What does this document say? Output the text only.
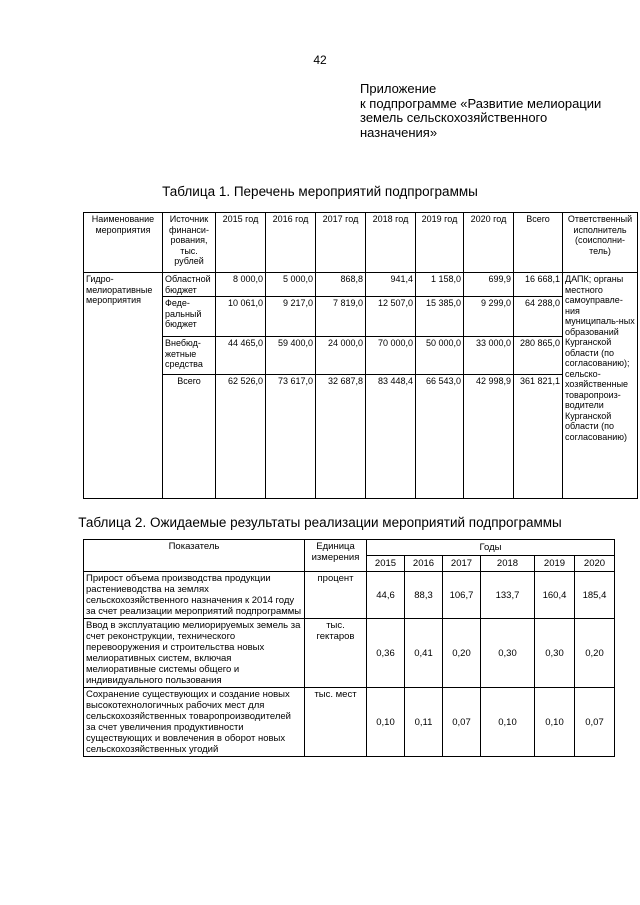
42
Приложение
к подпрограмме «Развитие мелиорации
земель сельскохозяйственного
назначения»
Таблица 1. Перечень мероприятий подпрограммы
Наименование мероприятия	Источник финанси-рования, тыс. рублей	2015 год	2016 год	2017 год	2018 год	2019 год	2020 год	Всего	Ответственный исполнитель (соисполни-тель)
Гидро-мелиоративные мероприятия	Областной бюджет	8 000,0	5 000,0	868,8	941,4	1 158,0	699,9	16 668,1	ДАПК; органы местного самоуправле-ния муниципаль-ных образований Курганской области (по согласованию); сельско-хозяйственные товаропроиз-водители Курганской области (по согласованию)
	Феде-ральный бюджет	10 061,0	9 217,0	7 819,0	12 507,0	15 385,0	9 299,0	64 288,0	
	Внебюд-жетные средства	44 465,0	59 400,0	24 000,0	70 000,0	50 000,0	33 000,0	280 865,0	
	Всего	62 526,0	73 617,0	32 687,8	83 448,4	66 543,0	42 998,9	361 821,1	
Таблица 2. Ожидаемые результаты реализации мероприятий подпрограммы
Показатель	Единица измерения	Годы					
		2015	2016	2017	2018	2019	2020
Прирост объема производства продукции растениеводства на землях сельскохозяйственного назначения к 2014 году за счет реализации мероприятий подпрограммы	процент	44,6	88,3	106,7	133,7	160,4	185,4
Ввод в эксплуатацию мелиорируемых земель за счет реконструкции, технического перевооружения и строительства новых мелиоративных систем, включая мелиоративные системы общего и индивидуального пользования	тыс. гектаров	0,36	0,41	0,20	0,30	0,30	0,20
Сохранение существующих и создание новых высокотехнологичных рабочих мест для сельскохозяйственных товаропроизводителей за счет увеличения продуктивности существующих и вовлечения в оборот новых сельскохозяйственных угодий	тыс. мест	0,10	0,11	0,07	0,10	0,10	0,07
